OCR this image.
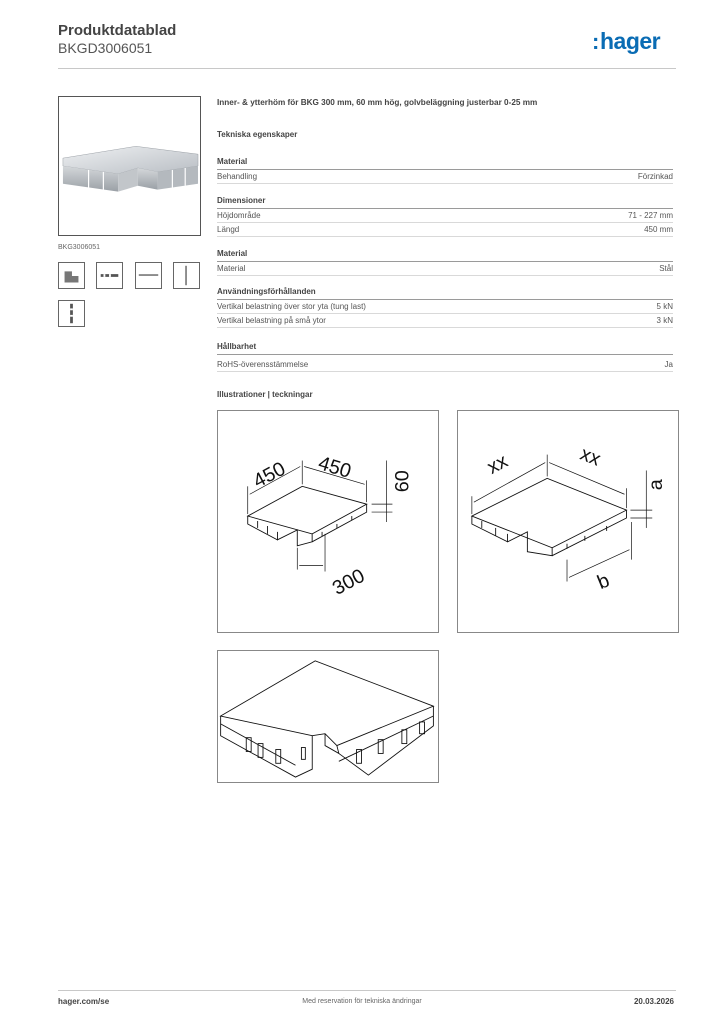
Produktdatablad
BKGD3006051	: hager
BKG3006051
Inner- & ytterhöm för BKG 300 mm, 60 mm hög, golvbeläggning justerbar 0-25 mm
Tekniska egenskaper
Material
Behandling	Förzinkad
Dimensioner
Höjdområde	71 - 227 mm
Längd	450 mm
Material
Material	Stål
Användningsförhållanden
Vertikal belastning över stor yta (tung last)	5 kN
Vertikal belastning på små ytor	3 kN
Hållbarhet
RoHS-överensstämmelse	Ja
Illustrationer | teckningar
450 450 60
300
xx	xx
a
b
hager.com/se	Med reservation för tekniska ändringar	20.03.2026
